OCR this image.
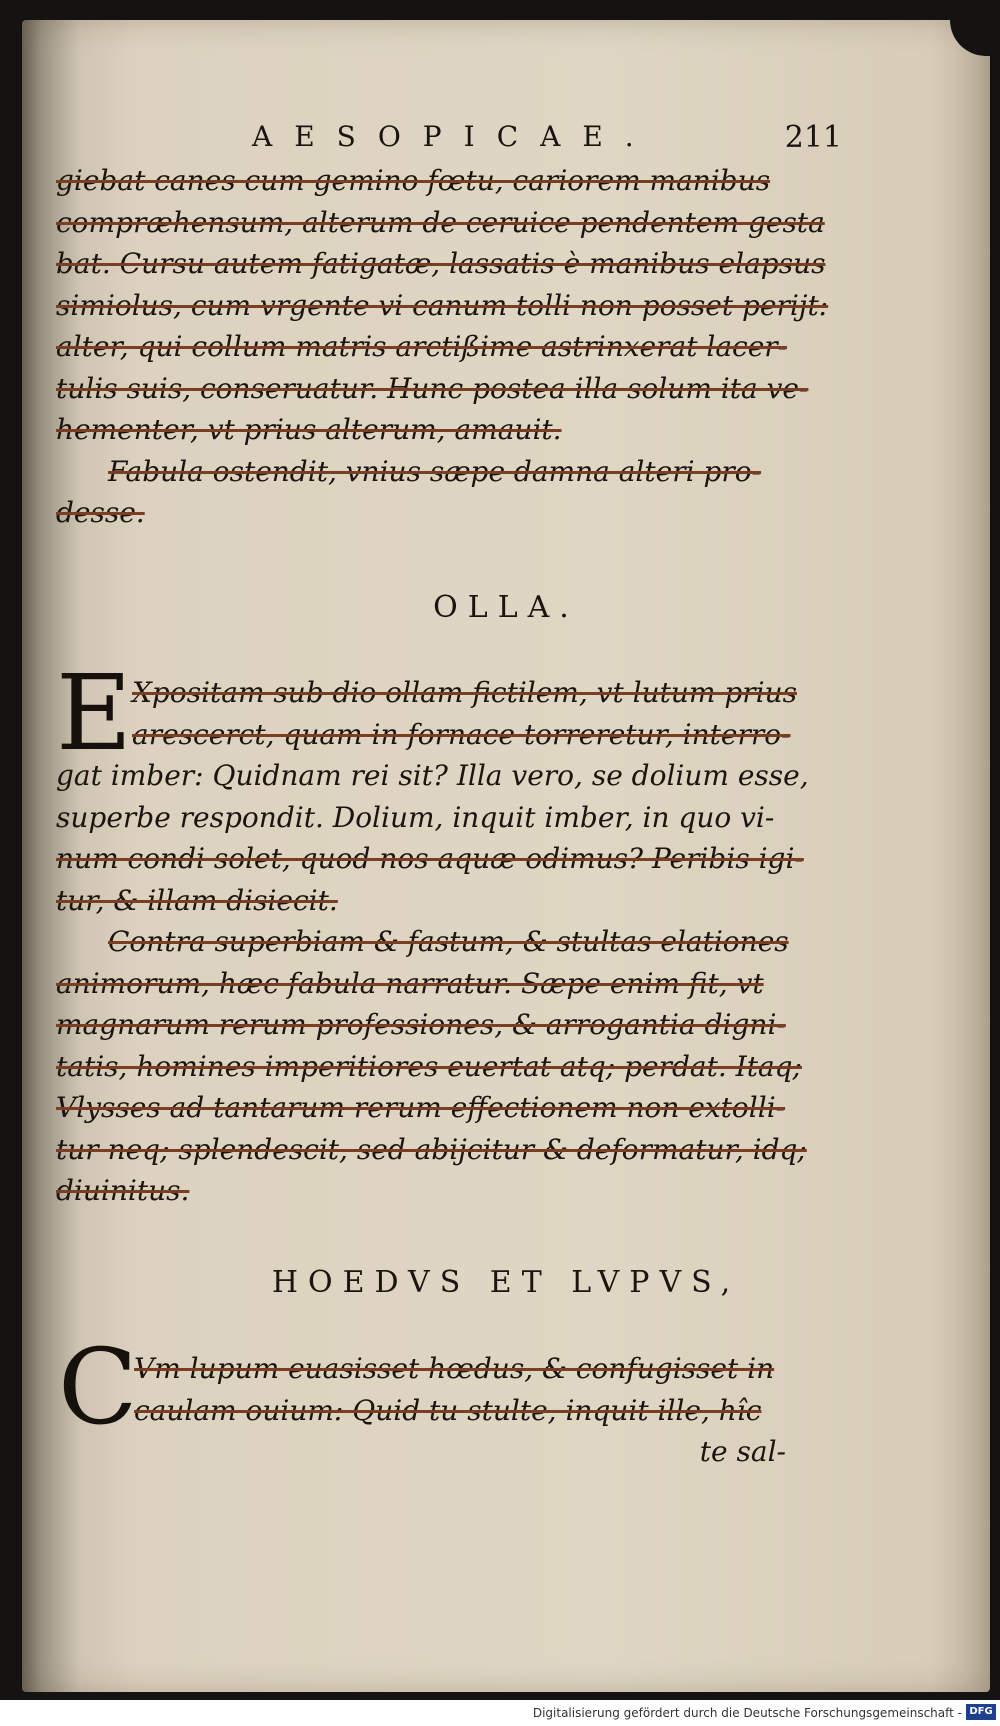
AESOPICAE.	211
giebat canes cum gemino fœtu, cariorem manibus
compræhensum, alterum de ceruice pendentem gesta
bat. Cursu autem fatigatæ, lassatis è manibus elapsus
simiolus, cum vrgente vi canum tolli non posset perijt:
alter, qui collum matris arctißime astrinxerat lacer-
tulis suis, conseruatur. Hunc postea illa solum ita ve-
hementer, vt prius alterum, amauit.
Fabula ostendit, vnius sæpe damna alteri pro-
desse.
OLLA.
E Xpositam sub dio ollam fictilem, vt lutum prius
arescerct, quam in fornace torreretur, interro-
gat imber: Quidnam rei sit? Illa vero, se dolium esse,
superbe respondit. Dolium, inquit imber, in quo vi-
num condi solet, quod nos aquæ odimus? Peribis igi-
tur, & illam disiecit.
Contra superbiam & fastum, & stultas elationes
animorum, hæc fabula narratur. Sæpe enim fit, vt
magnarum rerum professiones, & arrogantia digni-
tatis, homines imperitiores euertat atq; perdat. Itaq;
Vlysses ad tantarum rerum effectionem non extolli-
tur neq; splendescit, sed abijcitur & deformatur, idq;
diuinitus.
HOEDVS ET LVPVS,
C
Vm lupum euasisset hœdus, & confugisset in
caulam ouium: Quid tu stulte, inquit ille, hîc
te sal-
Digitalisierung gefördert durch die Deutsche Forschungsgemeinschaft - DFG
